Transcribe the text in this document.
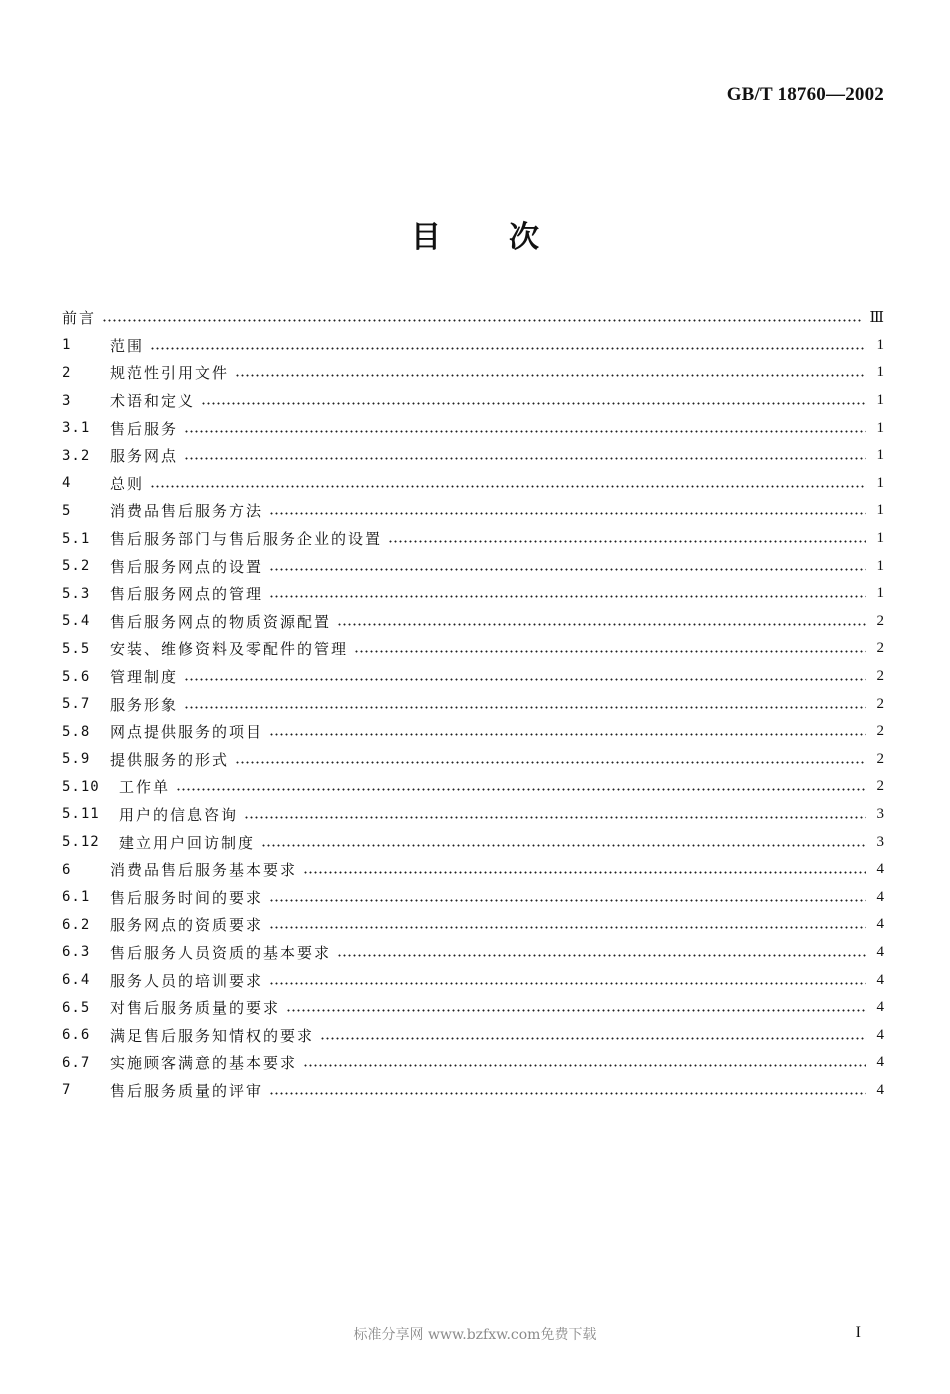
GB/T 18760—2002
目次
前言	Ⅲ
1	范围	1
2	规范性引用文件	1
3	术语和定义	1
3.1	售后服务	1
3.2	服务网点	1
4	总则	1
5	消费品售后服务方法	1
5.1	售后服务部门与售后服务企业的设置	1
5.2	售后服务网点的设置	1
5.3	售后服务网点的管理	1
5.4	售后服务网点的物质资源配置	2
5.5	安装、维修资料及零配件的管理	2
5.6	管理制度	2
5.7	服务形象	2
5.8	网点提供服务的项目	2
5.9	提供服务的形式	2
5.10	工作单	2
5.11	用户的信息咨询	3
5.12	建立用户回访制度	3
6	消费品售后服务基本要求	4
6.1	售后服务时间的要求	4
6.2	服务网点的资质要求	4
6.3	售后服务人员资质的基本要求	4
6.4	服务人员的培训要求	4
6.5	对售后服务质量的要求	4
6.6	满足售后服务知情权的要求	4
6.7	实施顾客满意的基本要求	4
7	售后服务质量的评审	4
标准分享网 www.bzfxw.com免费下载	I
